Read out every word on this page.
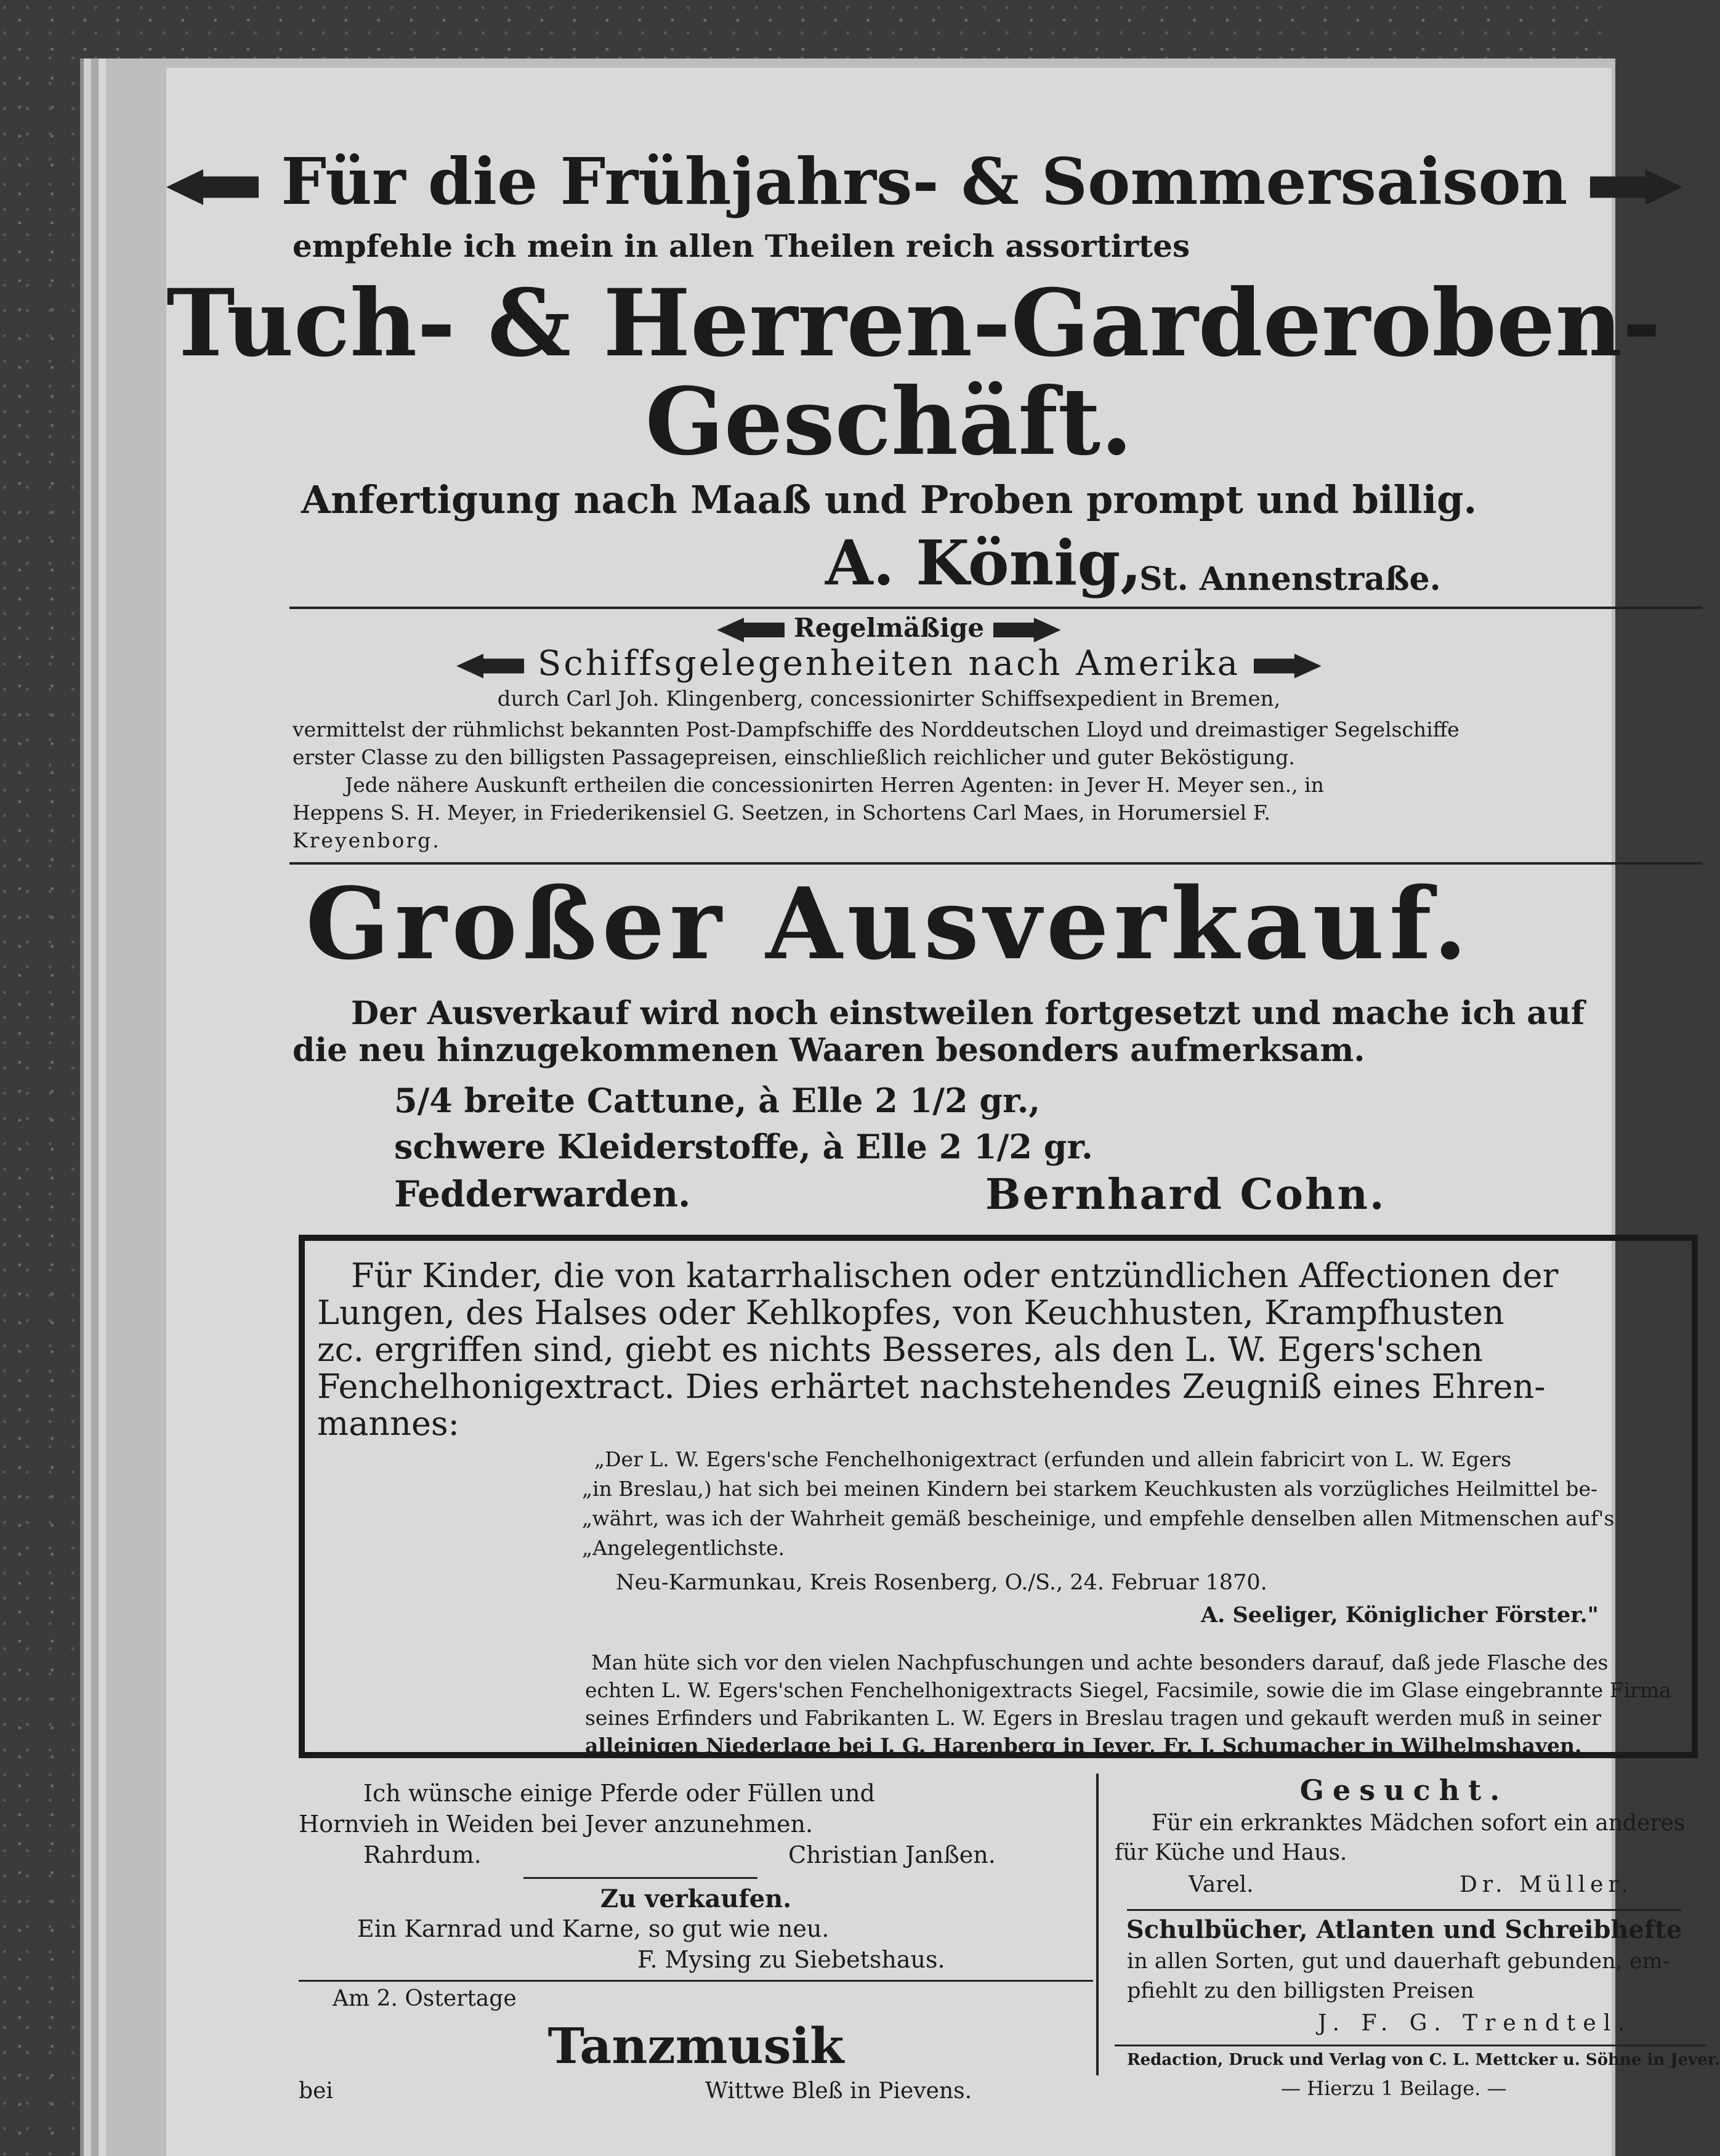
Für die Frühjahrs- & Sommersaison
empfehle ich mein in allen Theilen reich assortirtes
Tuch- & Herren-Garderoben-
Geschäft.
Anfertigung nach Maaß und Proben prompt und billig.
A. König,
St. Annenstraße.
Regelmäßige
Schiffsgelegenheiten nach Amerika
durch Carl Joh. Klingenberg, concessionirter Schiffsexpedient in Bremen,
vermittelst der rühmlichst bekannten Post-Dampfschiffe des Norddeutschen Lloyd und dreimastiger Segelschiffe
erster Classe zu den billigsten Passagepreisen, einschließlich reichlicher und guter Beköstigung.
Jede nähere Auskunft ertheilen die concessionirten Herren Agenten: in Jever H. Meyer sen., in
Heppens S. H. Meyer, in Friederikensiel G. Seetzen, in Schortens Carl Maes, in Horumersiel F.
Kreyenborg.
Großer Ausverkauf.
Der Ausverkauf wird noch einstweilen fortgesetzt und mache ich auf
die neu hinzugekommenen Waaren besonders aufmerksam.
5/4 breite Cattune, à Elle 2 1/2 gr.,
schwere Kleiderstoffe, à Elle 2 1/2 gr.
Fedderwarden.	Bernhard Cohn.
Für Kinder, die von katarrhalischen oder entzündlichen Affectionen der
Lungen, des Halses oder Kehlkopfes, von Keuchhusten, Krampfhusten
zc. ergriffen sind, giebt es nichts Besseres, als den L. W. Egers'schen
Fenchelhonigextract. Dies erhärtet nachstehendes Zeugniß eines Ehren-
mannes:
„Der L. W. Egers'sche Fenchelhonigextract (erfunden und allein fabricirt von L. W. Egers
„in Breslau,) hat sich bei meinen Kindern bei starkem Keuchkusten als vorzügliches Heilmittel be-
„währt, was ich der Wahrheit gemäß bescheinige, und empfehle denselben allen Mitmenschen auf's
„Angelegentlichste.
Neu-Karmunkau, Kreis Rosenberg, O./S., 24. Februar 1870.
A. Seeliger, Königlicher Förster."
Man hüte sich vor den vielen Nachpfuschungen und achte besonders darauf, daß jede Flasche des
echten L. W. Egers'schen Fenchelhonigextracts Siegel, Facsimile, sowie die im Glase eingebrannte Firma
seines Erfinders und Fabrikanten L. W. Egers in Breslau tragen und gekauft werden muß in seiner
alleinigen Niederlage bei J. G. Harenberg in Jever, Fr. J. Schumacher in Wilhelmshaven.
Ich wünsche einige Pferde oder Füllen und
Hornvieh in Weiden bei Jever anzunehmen.
Rahrdum.	Christian Janßen.
Zu verkaufen.
Ein Karnrad und Karne, so gut wie neu.
F. Mysing zu Siebetshaus.
Am 2. Ostertage
Tanzmusik
bei	Wittwe Bleß in Pievens.
Gesucht.
Für ein erkranktes Mädchen sofort ein anderes
für Küche und Haus.
Varel.	Dr. Müller.
Schulbücher, Atlanten und Schreibhefte
in allen Sorten, gut und dauerhaft gebunden, em-
pfiehlt zu den billigsten Preisen
J. F. G. Trendtel.
Redaction, Druck und Verlag von C. L. Mettcker u. Söhne in Jever.
— Hierzu 1 Beilage. —
